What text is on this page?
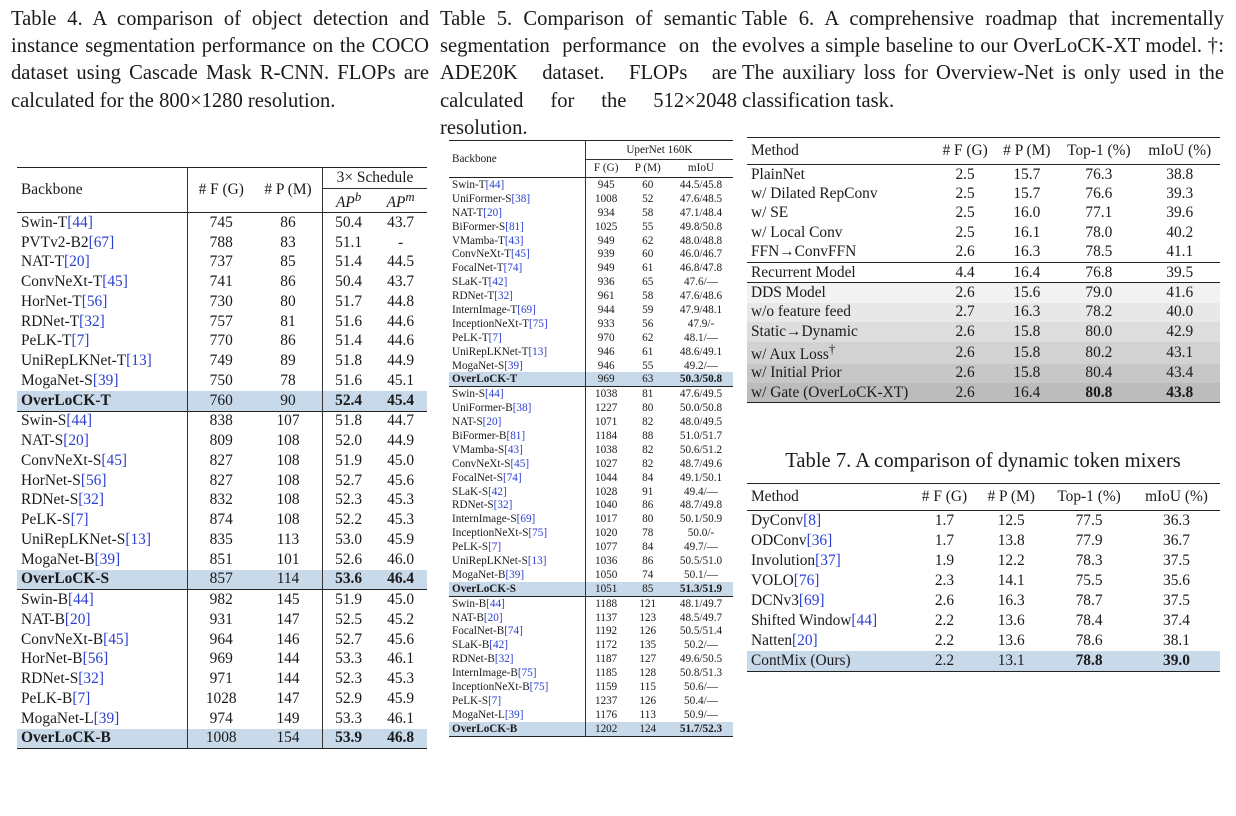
Table 4. A comparison of object detection and instance segmentation performance on the COCO dataset using Cascade Mask R-CNN. FLOPs are calculated for the 800×1280 resolution.

Table 5. Comparison of semantic segmentation performance on the ADE20K dataset. FLOPs are calculated for the 512×2048 resolution.

Table 6. A comprehensive roadmap that incrementally evolves a simple baseline to our OverLoCK-XT model. †: The auxiliary loss for Overview-Net is only used in the classification task.

Table 7. A comparison of dynamic token mixers

Backbone	# F (G)	# P (M)	3× Schedule	
			$AP^b$	$AP^m$
Swin-T[44]	745	86	50.4	43.7
PVTv2-B2[67]	788	83	51.1	-
NAT-T[20]	737	85	51.4	44.5
ConvNeXt-T[45]	741	86	50.4	43.7
HorNet-T[56]	730	80	51.7	44.8
RDNet-T[32]	757	81	51.6	44.6
PeLK-T[7]	770	86	51.4	44.6
UniRepLKNet-T[13]	749	89	51.8	44.9
MogaNet-S[39]	750	78	51.6	45.1
OverLoCK-T	760	90	52.4	45.4
Swin-S[44]	838	107	51.8	44.7
NAT-S[20]	809	108	52.0	44.9
ConvNeXt-S[45]	827	108	51.9	45.0
HorNet-S[56]	827	108	52.7	45.6
RDNet-S[32]	832	108	52.3	45.3
PeLK-S[7]	874	108	52.2	45.3
UniRepLKNet-S[13]	835	113	53.0	45.9
MogaNet-B[39]	851	101	52.6	46.0
OverLoCK-S	857	114	53.6	46.4
Swin-B[44]	982	145	51.9	45.0
NAT-B[20]	931	147	52.5	45.2
ConvNeXt-B[45]	964	146	52.7	45.6
HorNet-B[56]	969	144	53.3	46.1
RDNet-S[32]	971	144	52.3	45.3
PeLK-B[7]	1028	147	52.9	45.9
MogaNet-L[39]	974	149	53.3	46.1
OverLoCK-B	1008	154	53.9	46.8
Backbone	UperNet 160K		
	F (G)	P (M)	mIoU
Swin-T[44]	945	60	44.5/45.8
UniFormer-S[38]	1008	52	47.6/48.5
NAT-T[20]	934	58	47.1/48.4
BiFormer-S[81]	1025	55	49.8/50.8
VMamba-T[43]	949	62	48.0/48.8
ConvNeXt-T[45]	939	60	46.0/46.7
FocalNet-T[74]	949	61	46.8/47.8
SLaK-T[42]	936	65	47.6/—
RDNet-T[32]	961	58	47.6/48.6
InternImage-T[69]	944	59	47.9/48.1
InceptionNeXt-T[75]	933	56	47.9/-
PeLK-T[7]	970	62	48.1/—
UniRepLKNet-T[13]	946	61	48.6/49.1
MogaNet-S[39]	946	55	49.2/—
OverLoCK-T	969	63	50.3/50.8
Swin-S[44]	1038	81	47.6/49.5
UniFormer-B[38]	1227	80	50.0/50.8
NAT-S[20]	1071	82	48.0/49.5
BiFormer-B[81]	1184	88	51.0/51.7
VMamba-S[43]	1038	82	50.6/51.2
ConvNeXt-S[45]	1027	82	48.7/49.6
FocalNet-S[74]	1044	84	49.1/50.1
SLaK-S[42]	1028	91	49.4/—
RDNet-S[32]	1040	86	48.7/49.8
InternImage-S[69]	1017	80	50.1/50.9
InceptionNeXt-S[75]	1020	78	50.0/-
PeLK-S[7]	1077	84	49.7/—
UniRepLKNet-S[13]	1036	86	50.5/51.0
MogaNet-B[39]	1050	74	50.1/—
OverLoCK-S	1051	85	51.3/51.9
Swin-B[44]	1188	121	48.1/49.7
NAT-B[20]	1137	123	48.5/49.7
FocalNet-B[74]	1192	126	50.5/51.4
SLaK-B[42]	1172	135	50.2/—
RDNet-B[32]	1187	127	49.6/50.5
InternImage-B[75]	1185	128	50.8/51.3
InceptionNeXt-B[75]	1159	115	50.6/—
PeLK-S[7]	1237	126	50.4/—
MogaNet-L[39]	1176	113	50.9/—
OverLoCK-B	1202	124	51.7/52.3
Method	# F (G)	# P (M)	Top-1 (%)	mIoU (%)
PlainNet	2.5	15.7	76.3	38.8
w/ Dilated RepConv	2.5	15.7	76.6	39.3
w/ SE	2.5	16.0	77.1	39.6
w/ Local Conv	2.5	16.1	78.0	40.2
FFN→ConvFFN	2.6	16.3	78.5	41.1
Recurrent Model	4.4	16.4	76.8	39.5
DDS Model	2.6	15.6	79.0	41.6
w/o feature feed	2.7	16.3	78.2	40.0
Static→Dynamic	2.6	15.8	80.0	42.9
w/ Aux Loss†	2.6	15.8	80.2	43.1
w/ Initial Prior	2.6	15.8	80.4	43.4
w/ Gate (OverLoCK-XT)	2.6	16.4	80.8	43.8
Method	# F (G)	# P (M)	Top-1 (%)	mIoU (%)
DyConv[8]	1.7	12.5	77.5	36.3
ODConv[36]	1.7	13.8	77.9	36.7
Involution[37]	1.9	12.2	78.3	37.5
VOLO[76]	2.3	14.1	75.5	35.6
DCNv3[69]	2.6	16.3	78.7	37.5
Shifted Window[44]	2.2	13.6	78.4	37.4
Natten[20]	2.2	13.6	78.6	38.1
ContMix (Ours)	2.2	13.1	78.8	39.0
